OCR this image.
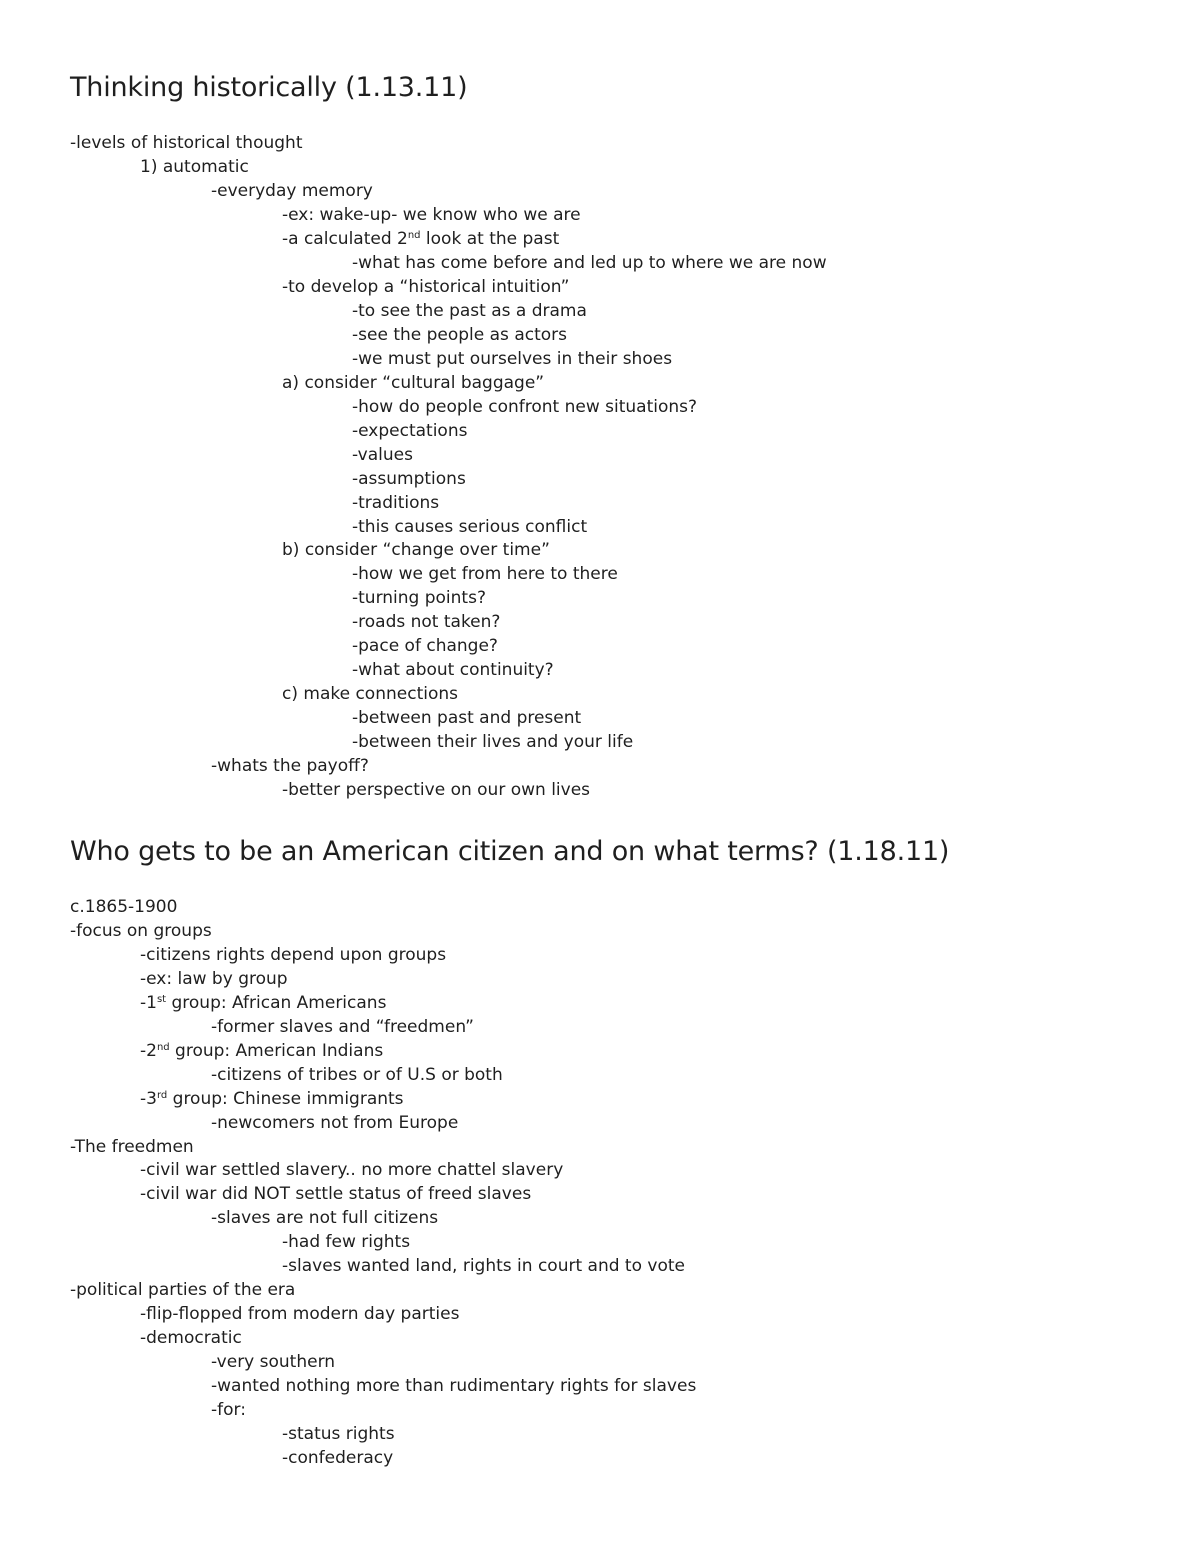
Thinking historically (1.13.11)

-levels of historical thought

1) automatic

-everyday memory

-ex: wake-up- we know who we are

-a calculated 2nd look at the past

-what has come before and led up to where we are now

-to develop a “historical intuition”

-to see the past as a drama

-see the people as actors

-we must put ourselves in their shoes

a) consider “cultural baggage”

-how do people confront new situations?

-expectations

-values

-assumptions

-traditions

-this causes serious conflict

b) consider “change over time”

-how we get from here to there

-turning points?

-roads not taken?

-pace of change?

-what about continuity?

c) make connections

-between past and present

-between their lives and your life

-whats the payoff?

-better perspective on our own lives

Who gets to be an American citizen and on what terms? (1.18.11)

c.1865-1900

-focus on groups

-citizens rights depend upon groups

-ex: law by group

-1st group: African Americans

-former slaves and “freedmen”

-2nd group: American Indians

-citizens of tribes or of U.S or both

-3rd group: Chinese immigrants

-newcomers not from Europe

-The freedmen

-civil war settled slavery.. no more chattel slavery

-civil war did NOT settle status of freed slaves

-slaves are not full citizens

-had few rights

-slaves wanted land, rights in court and to vote

-political parties of the era

-flip-flopped from modern day parties

-democratic

-very southern

-wanted nothing more than rudimentary rights for slaves

-for:

-status rights

-confederacy
